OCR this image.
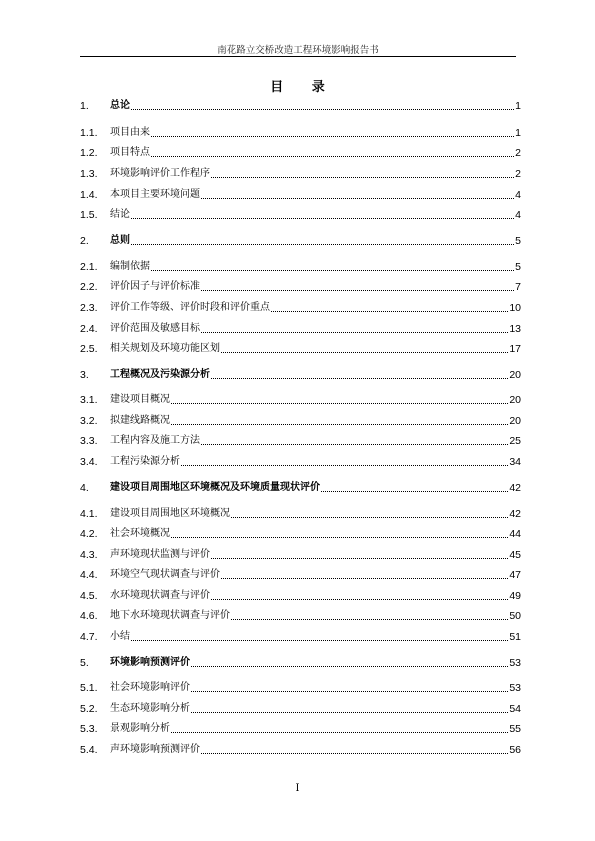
南花路立交桥改造工程环境影响报告书
目 录
1.	总论	1
1.1.	项目由来	1
1.2.	项目特点	2
1.3.	环境影响评价工作程序	2
1.4.	本项目主要环境问题	4
1.5.	结论	4
2.	总则	5
2.1.	编制依据	5
2.2.	评价因子与评价标准	7
2.3.	评价工作等级、评价时段和评价重点	10
2.4.	评价范围及敏感目标	13
2.5.	相关规划及环境功能区划	17
3.	工程概况及污染源分析	20
3.1.	建设项目概况	20
3.2.	拟建线路概况	20
3.3.	工程内容及施工方法	25
3.4.	工程污染源分析	34
4.	建设项目周围地区环境概况及环境质量现状评价	42
4.1.	建设项目周围地区环境概况	42
4.2.	社会环境概况	44
4.3.	声环境现状监测与评价	45
4.4.	环境空气现状调查与评价	47
4.5.	水环境现状调查与评价	49
4.6.	地下水环境现状调查与评价	50
4.7.	小结	51
5.	环境影响预测评价	53
5.1.	社会环境影响评价	53
5.2.	生态环境影响分析	54
5.3.	景观影响分析	55
5.4.	声环境影响预测评价	56
I
